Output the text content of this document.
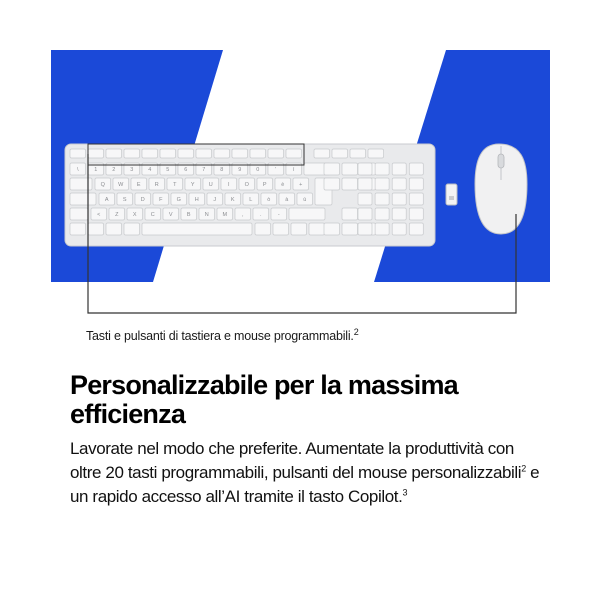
\	1	2	3	4	5	6	7	8	9	0	'	ì
Q W E	R	T	Y	U	I	O	P	è	+
A	S	D	F	G	H	J	K	L	ò	à	ù
<	Z	X	C	V	B	N M	,	.	-
Tasti e pulsanti di tastiera e mouse programmabili.$^2$
Personalizzabile per la massima efficienza
Lavorate nel modo che preferite. Aumentate la produttività con oltre 20 tasti programmabili, pulsanti del mouse personalizzabili$^2$ e un rapido accesso all’AI tramite il tasto Copilot.$^3$
